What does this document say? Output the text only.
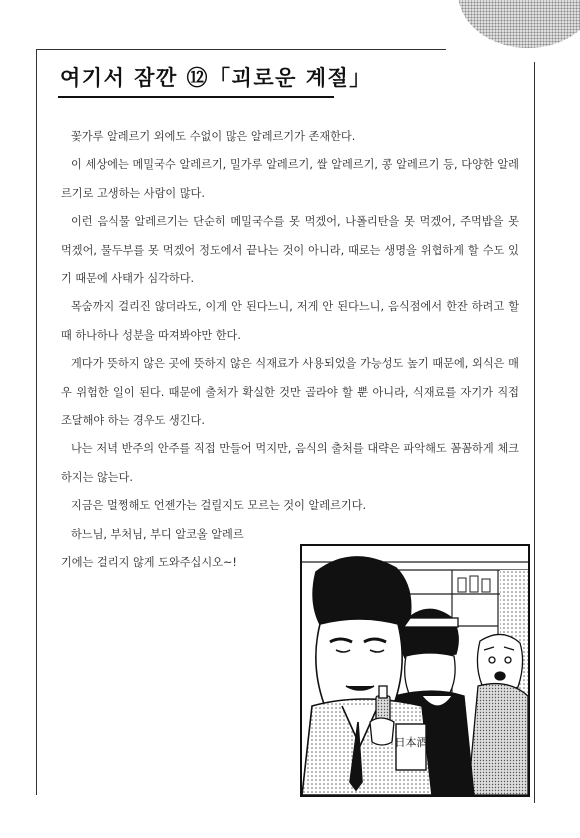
여기서 잠깐 ⑫「괴로운 계절」

꽃가루 알레르기 외에도 수없이 많은 알레르기가 존재한다.

이 세상에는 메밀국수 알레르기, 밀가루 알레르기, 쌀 알레르기, 콩 알레르기 등, 다양한 알레르기로 고생하는 사람이 많다.

이런 음식물 알레르기는 단순히 메밀국수를 못 먹겠어, 나폴리탄을 못 먹겠어, 주먹밥을 못 먹겠어, 물두부를 못 먹겠어 정도에서 끝나는 것이 아니라, 때로는 생명을 위협하게 할 수도 있기 때문에 사태가 심각하다.

목숨까지 걸리진 않더라도, 이게 안 된다느니, 저게 안 된다느니, 음식점에서 한잔 하려고 할 때 하나하나 성분을 따져봐야만 한다.

게다가 뜻하지 않은 곳에 뜻하지 않은 식재료가 사용되었을 가능성도 높기 때문에, 외식은 매우 위험한 일이 된다. 때문에 출처가 확실한 것만 골라야 할 뿐 아니라, 식재료를 자기가 직접 조달해야 하는 경우도 생긴다.

나는 저녁 반주의 안주를 직접 만들어 먹지만, 음식의 출처를 대략은 파악해도 꼼꼼하게 체크하지는 않는다.

지금은 멀쩡해도 언젠가는 걸릴지도 모르는 것이 알레르기다.

하느님, 부처님, 부디 알코올 알레르

기에는 걸리지 않게 도와주십시오~!

日本酒
